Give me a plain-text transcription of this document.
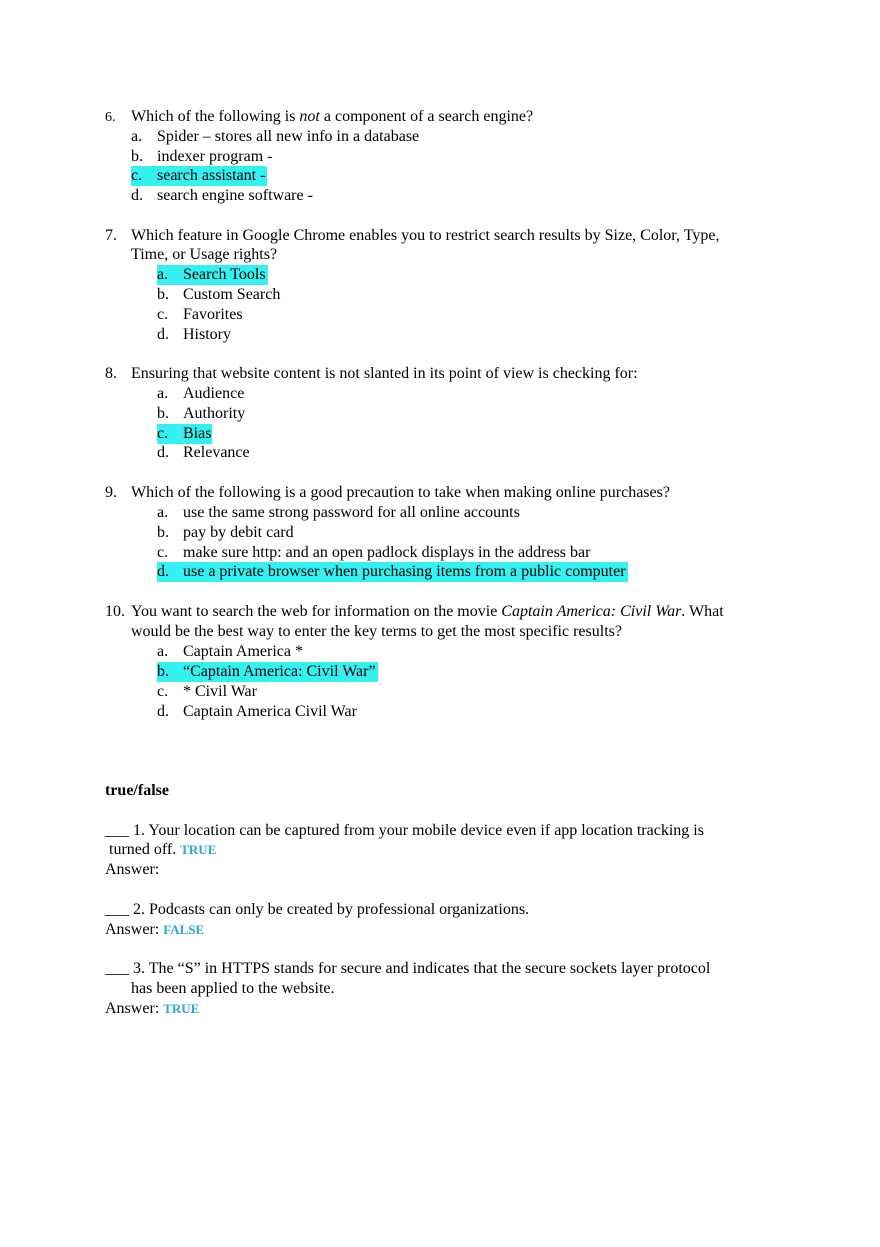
6. Which of the following is not a component of a search engine?
a. Spider – stores all new info in a database
b. indexer program -
c. search assistant -
d. search engine software -
7. Which feature in Google Chrome enables you to restrict search results by Size, Color, Type,
Time, or Usage rights?
a. Search Tools
b. Custom Search
c. Favorites
d. History
8. Ensuring that website content is not slanted in its point of view is checking for:
a. Audience
b. Authority
c. Bias
d. Relevance
9. Which of the following is a good precaution to take when making online purchases?
a. use the same strong password for all online accounts
b. pay by debit card
c. make sure http: and an open padlock displays in the address bar
d. use a private browser when purchasing items from a public computer
10. You want to search the web for information on the movie Captain America: Civil War. What
would be the best way to enter the key terms to get the most specific results?
a. Captain America *
b. “Captain America: Civil War”
c. * Civil War
d. Captain America Civil War
true/false
___ 1. Your location can be captured from your mobile device even if app location tracking is
turned off. TRUE
Answer:
___ 2. Podcasts can only be created by professional organizations.
Answer: FALSE
___ 3. The “S” in HTTPS stands for secure and indicates that the secure sockets layer protocol
has been applied to the website.
Answer: TRUE
